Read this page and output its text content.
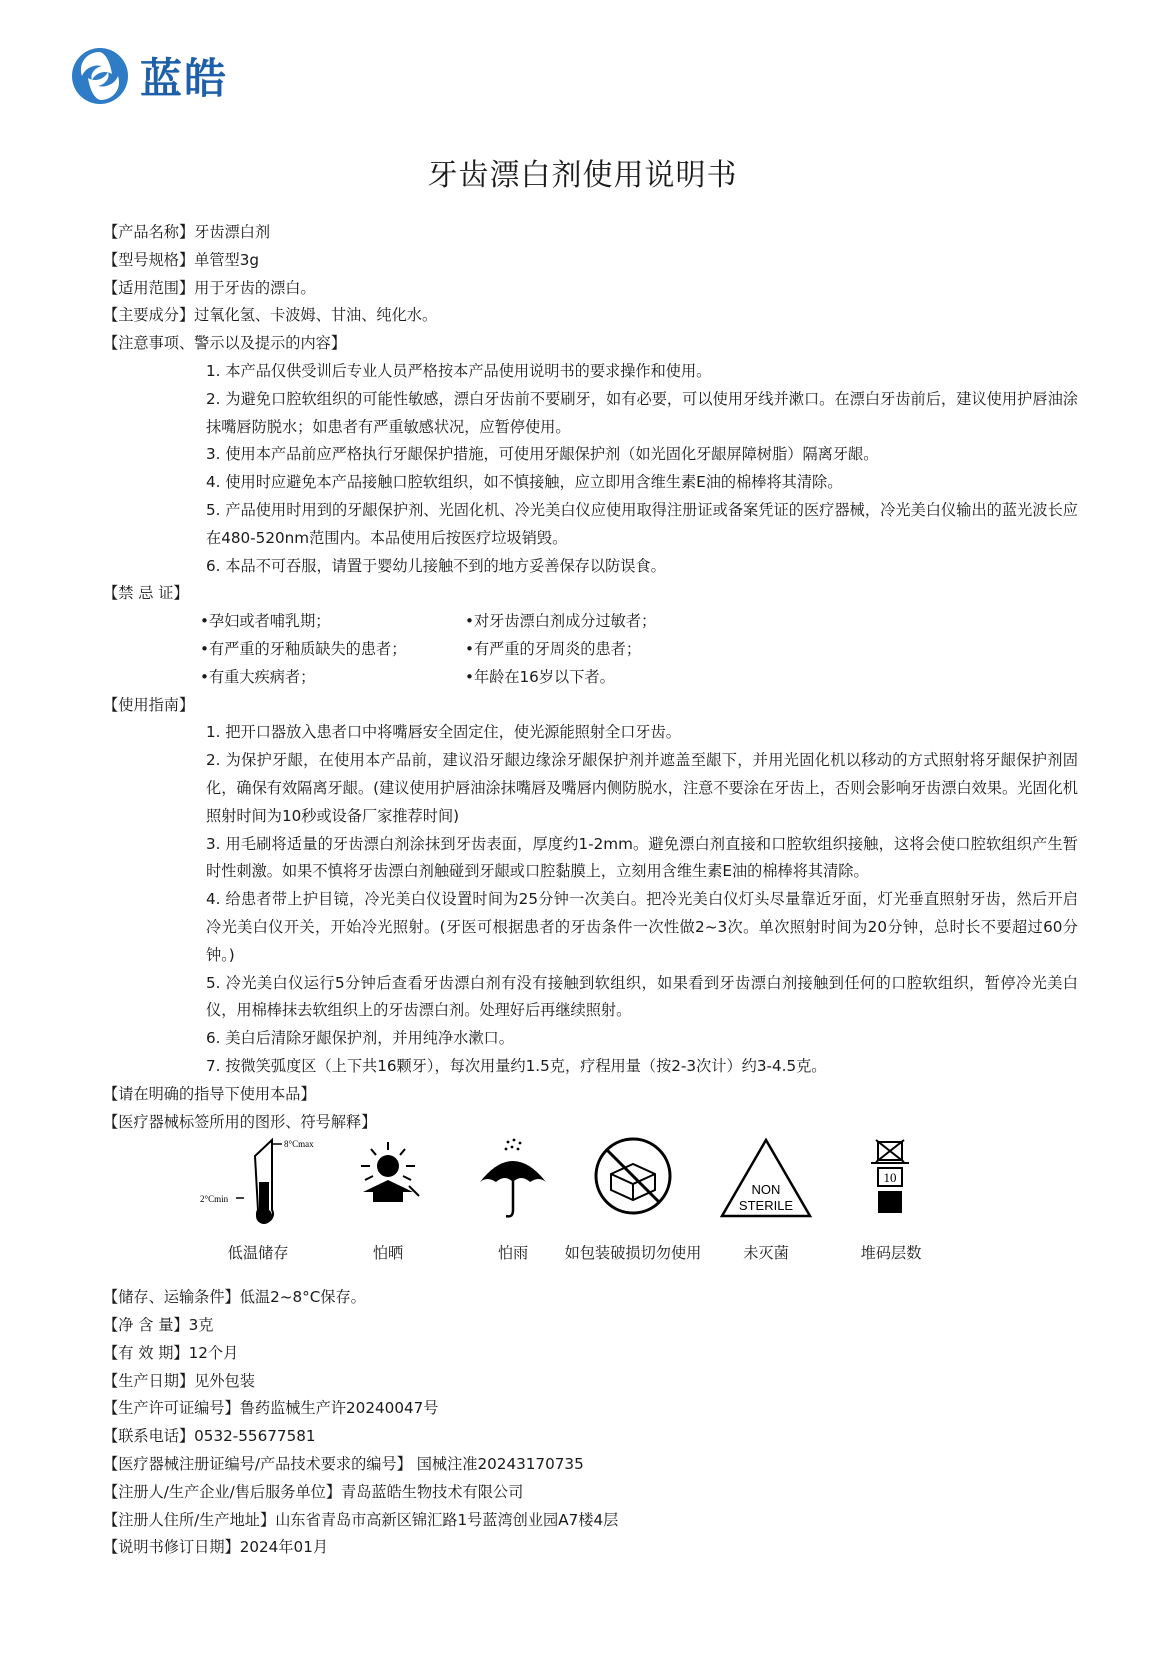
蓝皓
牙齿漂白剂使用说明书
【产品名称】牙齿漂白剂
【型号规格】单管型3g
【适用范围】用于牙齿的漂白。
【主要成分】过氧化氢、卡波姆、甘油、纯化水。
【注意事项、警示以及提示的内容】
1. 本产品仅供受训后专业人员严格按本产品使用说明书的要求操作和使用。
2. 为避免口腔软组织的可能性敏感，漂白牙齿前不要刷牙，如有必要，可以使用牙线并漱口。在漂白牙齿前后，建议使用护唇油涂抹嘴唇防脱水；如患者有严重敏感状况，应暂停使用。
3. 使用本产品前应严格执行牙龈保护措施，可使用牙龈保护剂（如光固化牙龈屏障树脂）隔离牙龈。
4. 使用时应避免本产品接触口腔软组织，如不慎接触，应立即用含维生素E油的棉棒将其清除。
5. 产品使用时用到的牙龈保护剂、光固化机、冷光美白仪应使用取得注册证或备案凭证的医疗器械，冷光美白仪输出的蓝光波长应在480-520nm范围内。本品使用后按医疗垃圾销毁。
6. 本品不可吞服，请置于婴幼儿接触不到的地方妥善保存以防误食。
【禁 忌 证】
•孕妇或者哺乳期；	•对牙齿漂白剂成分过敏者；
•有严重的牙釉质缺失的患者；	•有严重的牙周炎的患者；
•有重大疾病者；	•年龄在16岁以下者。
【使用指南】
1. 把开口器放入患者口中将嘴唇安全固定住，使光源能照射全口牙齿。
2. 为保护牙龈，在使用本产品前，建议沿牙龈边缘涂牙龈保护剂并遮盖至龈下，并用光固化机以移动的方式照射将牙龈保护剂固化，确保有效隔离牙龈。(建议使用护唇油涂抹嘴唇及嘴唇内侧防脱水，注意不要涂在牙齿上，否则会影响牙齿漂白效果。光固化机照射时间为10秒或设备厂家推荐时间)
3. 用毛刷将适量的牙齿漂白剂涂抹到牙齿表面，厚度约1-2mm。避免漂白剂直接和口腔软组织接触，这将会使口腔软组织产生暂时性刺激。如果不慎将牙齿漂白剂触碰到牙龈或口腔黏膜上，立刻用含维生素E油的棉棒将其清除。
4. 给患者带上护目镜，冷光美白仪设置时间为25分钟一次美白。把冷光美白仪灯头尽量靠近牙面，灯光垂直照射牙齿，然后开启冷光美白仪开关，开始冷光照射。(牙医可根据患者的牙齿条件一次性做2~3次。单次照射时间为20分钟，总时长不要超过60分钟。)
5. 冷光美白仪运行5分钟后查看牙齿漂白剂有没有接触到软组织，如果看到牙齿漂白剂接触到任何的口腔软组织，暂停冷光美白仪，用棉棒抹去软组织上的牙齿漂白剂。处理好后再继续照射。
6. 美白后清除牙龈保护剂，并用纯净水漱口。
7. 按微笑弧度区（上下共16颗牙），每次用量约1.5克，疗程用量（按2-3次计）约3-4.5克。
【请在明确的指导下使用本品】
【医疗器械标签所用的图形、符号解释】
8°Cmax
2°Cmin
低温储存	怕晒	怕雨	如包装破损切勿使用
NON
STERILE
未灭菌
10
堆码层数
【储存、运输条件】低温2~8°C保存。
【净 含 量】3克
【有 效 期】12个月
【生产日期】见外包装
【生产许可证编号】鲁药监械生产许20240047号
【联系电话】0532-55677581
【医疗器械注册证编号/产品技术要求的编号】 国械注准20243170735
【注册人/生产企业/售后服务单位】青岛蓝皓生物技术有限公司
【注册人住所/生产地址】山东省青岛市高新区锦汇路1号蓝湾创业园A7楼4层
【说明书修订日期】2024年01月
